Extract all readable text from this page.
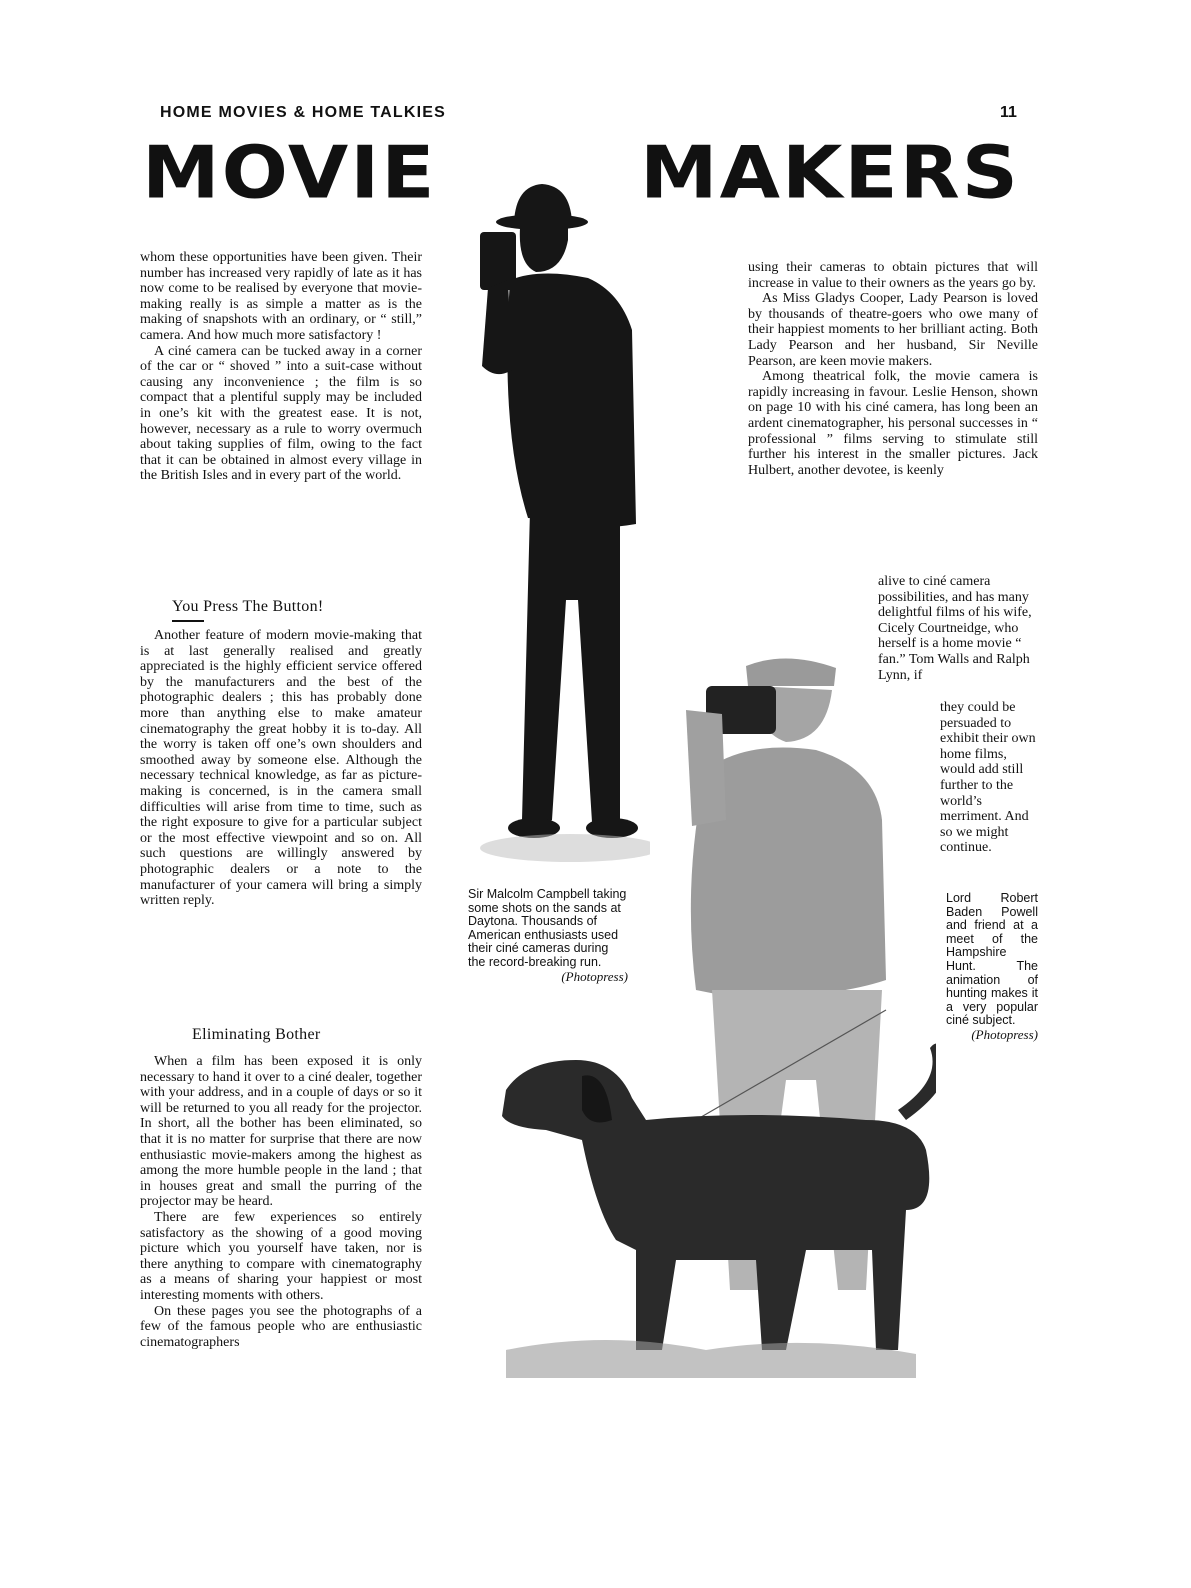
HOME MOVIES & HOME TALKIES	11
MOVIE	MAKERS

whom these opportunities have been given. Their number has increased very rapidly of late as it has now come to be realised by everyone that movie-making really is as simple a matter as is the making of snapshots with an ordinary, or “ still,” camera. And how much more satisfactory !

A ciné camera can be tucked away in a corner of the car or “ shoved ” into a suit-case without causing any inconvenience ; the film is so compact that a plentiful supply may be included in one’s kit with the greatest ease. It is not, however, necessary as a rule to worry overmuch about taking supplies of film, owing to the fact that it can be obtained in almost every village in the British Isles and in every part of the world.

You Press The Button!

Another feature of modern movie-making that is at last generally realised and greatly appreciated is the highly efficient service offered by the manufacturers and the best of the photographic dealers ; this has probably done more than anything else to make amateur cinematography the great hobby it is to-day. All the worry is taken off one’s own shoulders and smoothed away by someone else. Although the necessary technical knowledge, as far as picture-making is concerned, is in the camera small difficulties will arise from time to time, such as the right exposure to give for a particular subject or the most effective viewpoint and so on. All such questions are willingly answered by photographic dealers or a note to the manufacturer of your camera will bring a simply written reply.

Eliminating Bother

When a film has been exposed it is only necessary to hand it over to a ciné dealer, together with your address, and in a couple of days or so it will be returned to you all ready for the projector. In short, all the bother has been eliminated, so that it is no matter for surprise that there are now enthusiastic movie-makers among the highest as among the more humble people in the land ; that in houses great and small the purring of the projector may be heard.

There are few experiences so entirely satisfactory as the showing of a good moving picture which you yourself have taken, nor is there anything to compare with cinematography as a means of sharing your happiest or most interesting moments with others.

On these pages you see the photographs of a few of the famous people who are enthusiastic cinematographers

using their cameras to obtain pictures that will increase in value to their owners as the years go by.

As Miss Gladys Cooper, Lady Pearson is loved by thousands of theatre-goers who owe many of their happiest moments to her brilliant acting. Both Lady Pearson and her husband, Sir Neville Pearson, are keen movie makers.

Among theatrical folk, the movie camera is rapidly increasing in favour. Leslie Henson, shown on page 10 with his ciné camera, has long been an ardent cinematographer, his personal successes in “ professional ” films serving to stimulate still further his interest in the smaller pictures. Jack Hulbert, another devotee, is keenly

alive to ciné camera possibilities, and has many delightful films of his wife, Cicely Courtneidge, who herself is a home movie “ fan.” Tom Walls and Ralph Lynn, if

they could be persuaded to exhibit their own home films, would add still further to the world’s merriment. And so we might continue.

Sir Malcolm Campbell taking some shots on the sands at Daytona. Thousands of American enthusiasts used their ciné cameras during the record-breaking run.
(Photopress)
Lord Robert Baden Powell and friend at a meet of the Hampshire Hunt. The animation of hunting makes it a very popular ciné subject.
(Photopress)
